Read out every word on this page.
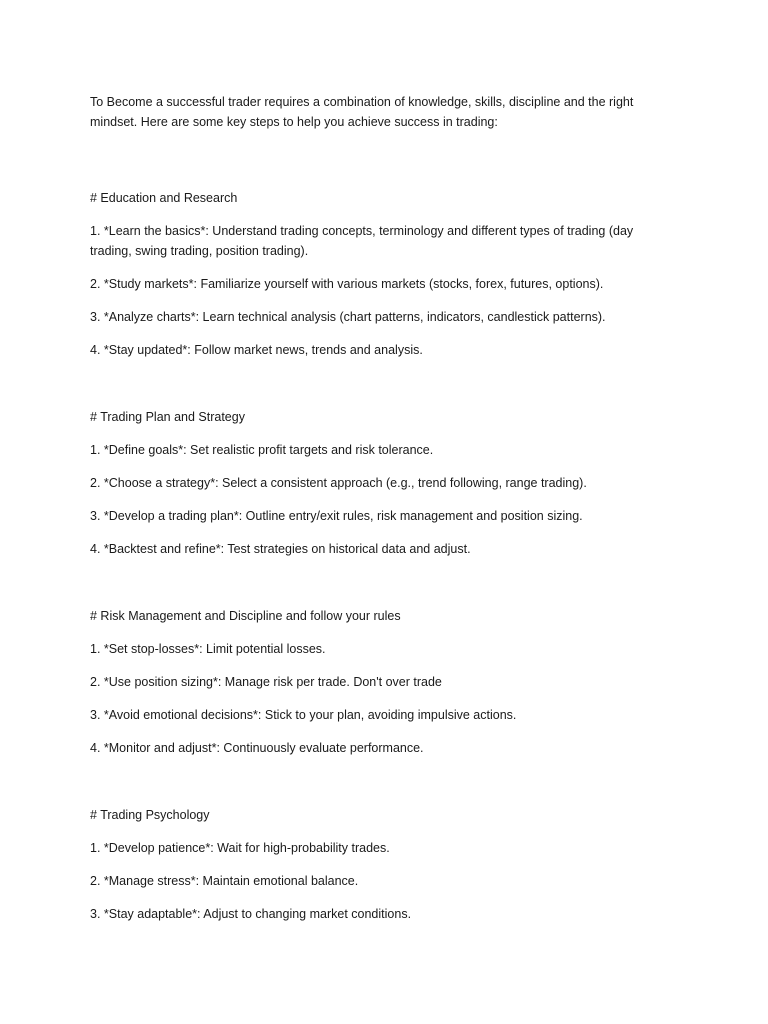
To Become a successful trader requires a combination of knowledge, skills, discipline and the right mindset. Here are some key steps to help you achieve success in trading:

# Education and Research

1. *Learn the basics*: Understand trading concepts, terminology and different types of trading (day trading, swing trading, position trading).

2. *Study markets*: Familiarize yourself with various markets (stocks, forex, futures, options).

3. *Analyze charts*: Learn technical analysis (chart patterns, indicators, candlestick patterns).

4. *Stay updated*: Follow market news, trends and analysis.

# Trading Plan and Strategy

1. *Define goals*: Set realistic profit targets and risk tolerance.

2. *Choose a strategy*: Select a consistent approach (e.g., trend following, range trading).

3. *Develop a trading plan*: Outline entry/exit rules, risk management and position sizing.

4. *Backtest and refine*: Test strategies on historical data and adjust.

# Risk Management and Discipline and follow your rules

1. *Set stop-losses*: Limit potential losses.

2. *Use position sizing*: Manage risk per trade. Don't over trade

3. *Avoid emotional decisions*: Stick to your plan, avoiding impulsive actions.

4. *Monitor and adjust*: Continuously evaluate performance.

# Trading Psychology

1. *Develop patience*: Wait for high-probability trades.

2. *Manage stress*: Maintain emotional balance.

3. *Stay adaptable*: Adjust to changing market conditions.
